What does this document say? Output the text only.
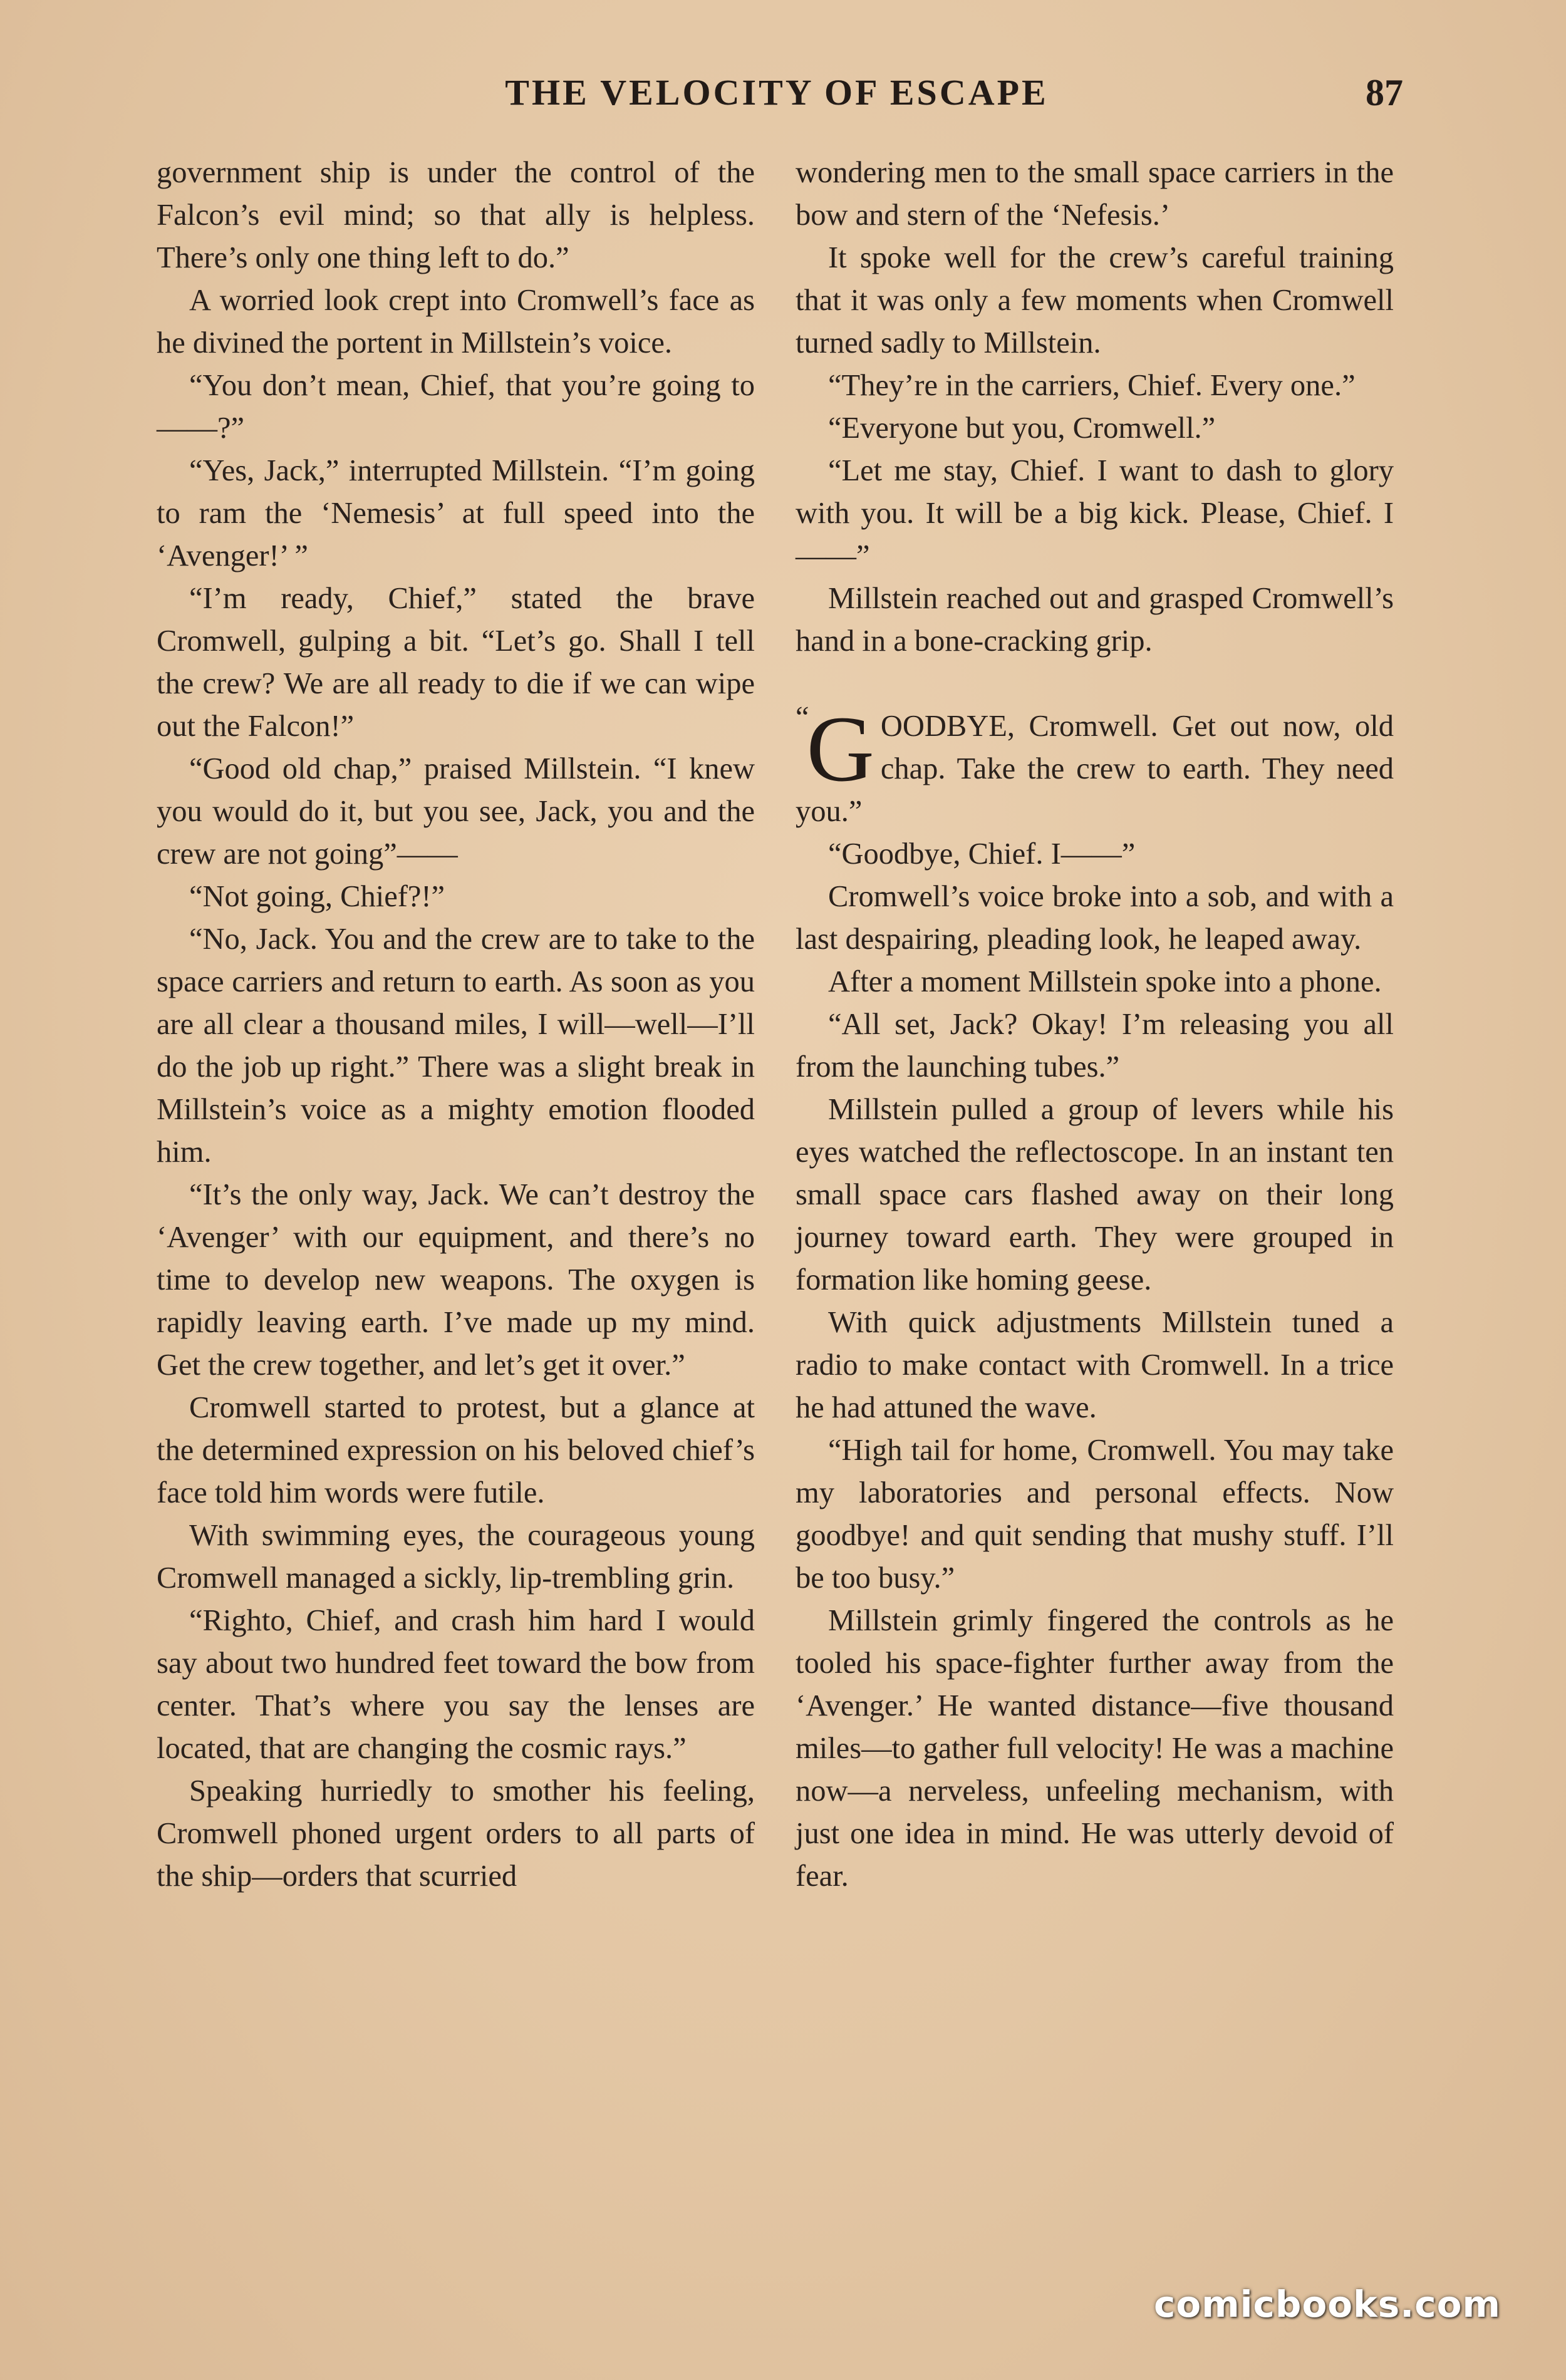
THE VELOCITY OF ESCAPE	87

government ship is under the control of the Falcon’s evil mind; so that ally is helpless. There’s only one thing left to do.”

A worried look crept into Cromwell’s face as he divined the portent in Millstein’s voice.

“You don’t mean, Chief, that you’re going to——?”

“Yes, Jack,” interrupted Millstein. “I’m going to ram the ‘Nemesis’ at full speed into the ‘Avenger!’ ”

“I’m ready, Chief,” stated the brave Cromwell, gulping a bit. “Let’s go. Shall I tell the crew? We are all ready to die if we can wipe out the Falcon!”

“Good old chap,” praised Millstein. “I knew you would do it, but you see, Jack, you and the crew are not going”——

“Not going, Chief?!”

“No, Jack. You and the crew are to take to the space carriers and return to earth. As soon as you are all clear a thousand miles, I will—well—I’ll do the job up right.” There was a slight break in Millstein’s voice as a mighty emotion flooded him.

“It’s the only way, Jack. We can’t destroy the ‘Avenger’ with our equipment, and there’s no time to develop new weapons. The oxygen is rapidly leaving earth. I’ve made up my mind. Get the crew together, and let’s get it over.”

Cromwell started to protest, but a glance at the determined expression on his beloved chief’s face told him words were futile.

With swimming eyes, the courageous young Cromwell managed a sickly, lip-trembling grin.

“Righto, Chief, and crash him hard I would say about two hundred feet toward the bow from center. That’s where you say the lenses are located, that are changing the cosmic rays.”

Speaking hurriedly to smother his feeling, Cromwell phoned urgent orders to all parts of the ship—orders that scurried

wondering men to the small space carriers in the bow and stern of the ‘Nefesis.’

It spoke well for the crew’s careful training that it was only a few moments when Cromwell turned sadly to Millstein.

“They’re in the carriers, Chief. Every one.”

“Everyone but you, Cromwell.”

“Let me stay, Chief. I want to dash to glory with you. It will be a big kick. Please, Chief. I——”

Millstein reached out and grasped Cromwell’s hand in a bone-cracking grip.

“
G OODBYE, Cromwell. Get out now, old chap. Take the crew to earth. They need you.”

“Goodbye, Chief. I——”

Cromwell’s voice broke into a sob, and with a last despairing, pleading look, he leaped away.

After a moment Millstein spoke into a phone.

“All set, Jack? Okay! I’m releasing you all from the launching tubes.”

Millstein pulled a group of levers while his eyes watched the reflectoscope. In an instant ten small space cars flashed away on their long journey toward earth. They were grouped in formation like homing geese.

With quick adjustments Millstein tuned a radio to make contact with Cromwell. In a trice he had attuned the wave.

“High tail for home, Cromwell. You may take my laboratories and personal effects. Now goodbye! and quit sending that mushy stuff. I’ll be too busy.”

Millstein grimly fingered the controls as he tooled his space-fighter further away from the ‘Avenger.’ He wanted distance—five thousand miles—to gather full velocity! He was a machine now—a nerveless, unfeeling mechanism, with just one idea in mind. He was utterly devoid of fear.

comicbooks.com
